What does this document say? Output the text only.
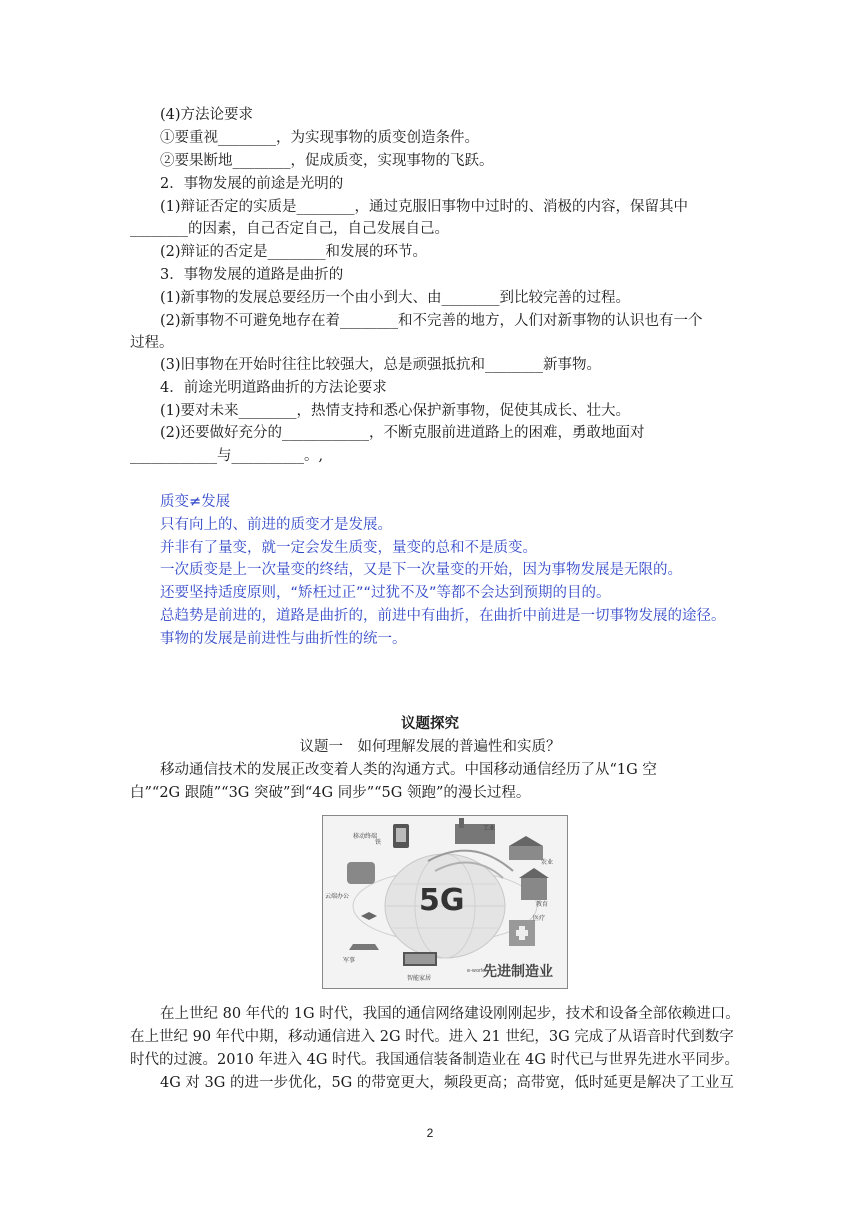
(4)方法论要求
①要重视________，为实现事物的质变创造条件。
②要果断地________，促成质变，实现事物的飞跃。
2．事物发展的前途是光明的
(1)辩证否定的实质是________，通过克服旧事物中过时的、消极的内容，保留其中
________的因素，自己否定自己，自己发展自己。
(2)辩证的否定是________和发展的环节。
3．事物发展的道路是曲折的
(1)新事物的发展总要经历一个由小到大、由________到比较完善的过程。
(2)新事物不可避免地存在着________和不完善的地方，人们对新事物的认识也有一个
过程。
(3)旧事物在开始时往往比较强大，总是顽强抵抗和________新事物。
4．前途光明道路曲折的方法论要求
(1)要对未来________，热情支持和悉心保护新事物，促使其成长、壮大。
(2)还要做好充分的____________，不断克服前进道路上的困难，勇敢地面对
____________与__________。,
质变≠发展
只有向上的、前进的质变才是发展。
并非有了量变，就一定会发生质变，量变的总和不是质变。
一次质变是上一次量变的终结，又是下一次量变的开始，因为事物发展是无限的。
还要坚持适度原则，“矫枉过正”“过犹不及”等都不会达到预期的目的。
总趋势是前进的，道路是曲折的，前进中有曲折，在曲折中前进是一切事物发展的途径。
事物的发展是前进性与曲折性的统一。
议题探究
议题一　如何理解发展的普遍性和实质？
移动通信技术的发展正改变着人类的沟通方式。中国移动通信经历了从“1G 空
白”“2G 跟随”“3G 突破”到“4G 同步”“5G 领跑”的漫长过程。
5G
移动终端
工业
农业
教育
医疗
云端办公
军事
智能家居
铁
e-works
先进制造业
在上世纪 80 年代的 1G 时代，我国的通信网络建设刚刚起步，技术和设备全部依赖进口。
在上世纪 90 年代中期，移动通信进入 2G 时代。进入 21 世纪，3G 完成了从语音时代到数字
时代的过渡。2010 年进入 4G 时代。我国通信装备制造业在 4G 时代已与世界先进水平同步。
4G 对 3G 的进一步优化，5G 的带宽更大，频段更高；高带宽，低时延更是解决了工业互
2
